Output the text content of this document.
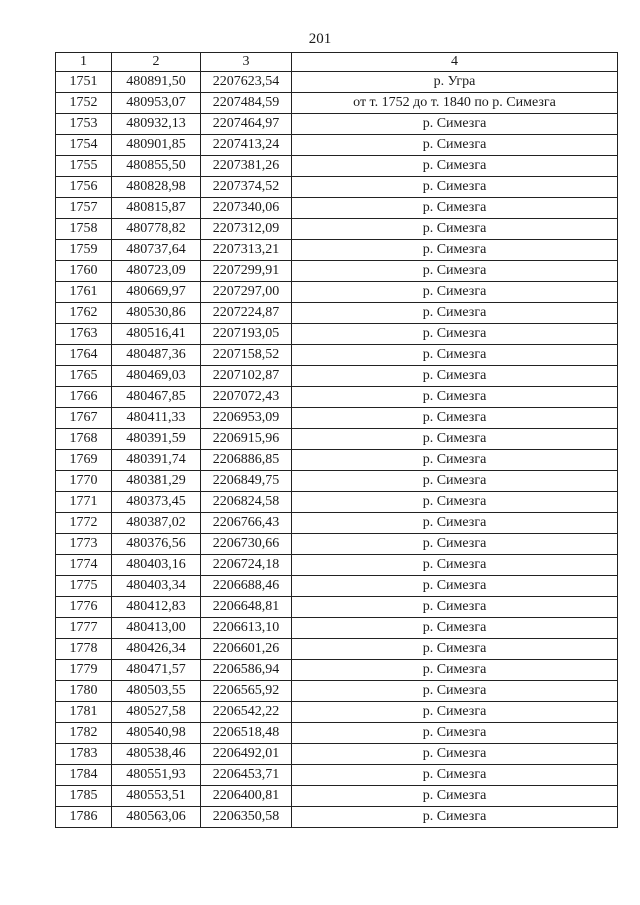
201
1	2	3	4
1751	480891,50	2207623,54	р. Угра
1752	480953,07	2207484,59	от т. 1752 до т. 1840 по р. Симезга
1753	480932,13	2207464,97	р. Симезга
1754	480901,85	2207413,24	р. Симезга
1755	480855,50	2207381,26	р. Симезга
1756	480828,98	2207374,52	р. Симезга
1757	480815,87	2207340,06	р. Симезга
1758	480778,82	2207312,09	р. Симезга
1759	480737,64	2207313,21	р. Симезга
1760	480723,09	2207299,91	р. Симезга
1761	480669,97	2207297,00	р. Симезга
1762	480530,86	2207224,87	р. Симезга
1763	480516,41	2207193,05	р. Симезга
1764	480487,36	2207158,52	р. Симезга
1765	480469,03	2207102,87	р. Симезга
1766	480467,85	2207072,43	р. Симезга
1767	480411,33	2206953,09	р. Симезга
1768	480391,59	2206915,96	р. Симезга
1769	480391,74	2206886,85	р. Симезга
1770	480381,29	2206849,75	р. Симезга
1771	480373,45	2206824,58	р. Симезга
1772	480387,02	2206766,43	р. Симезга
1773	480376,56	2206730,66	р. Симезга
1774	480403,16	2206724,18	р. Симезга
1775	480403,34	2206688,46	р. Симезга
1776	480412,83	2206648,81	р. Симезга
1777	480413,00	2206613,10	р. Симезга
1778	480426,34	2206601,26	р. Симезга
1779	480471,57	2206586,94	р. Симезга
1780	480503,55	2206565,92	р. Симезга
1781	480527,58	2206542,22	р. Симезга
1782	480540,98	2206518,48	р. Симезга
1783	480538,46	2206492,01	р. Симезга
1784	480551,93	2206453,71	р. Симезга
1785	480553,51	2206400,81	р. Симезга
1786	480563,06	2206350,58	р. Симезга
